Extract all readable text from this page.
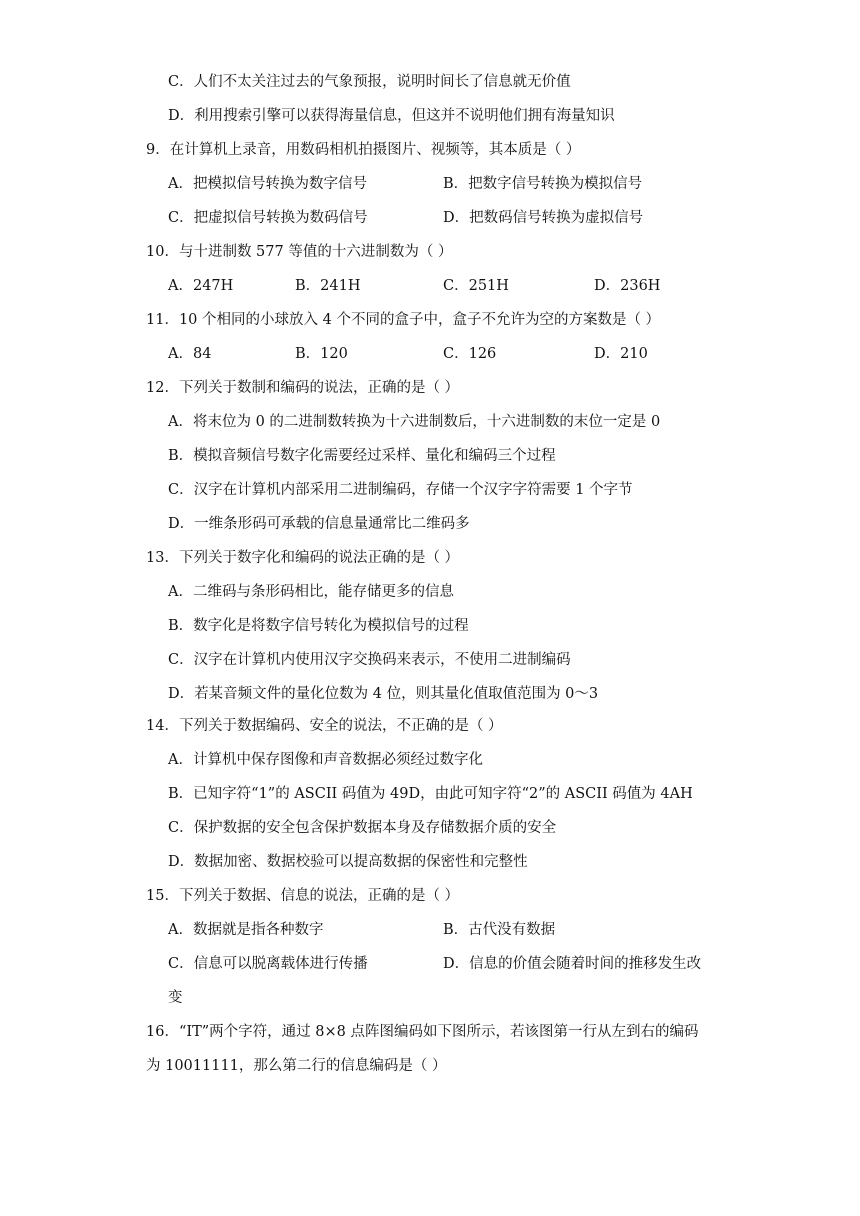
C．人们不太关注过去的气象预报，说明时间长了信息就无价值
D．利用搜索引擎可以获得海量信息，但这并不说明他们拥有海量知识
9．在计算机上录音，用数码相机拍摄图片、视频等，其本质是（ ）
A．把模拟信号转换为数字信号	B．把数字信号转换为模拟信号
C．把虚拟信号转换为数码信号	D．把数码信号转换为虚拟信号
10．与十进制数 577 等值的十六进制数为（ ）
A．247H	B．241H	C．251H	D．236H
11．10 个相同的小球放入 4 个不同的盒子中，盒子不允许为空的方案数是（ ）
A．84	B．120	C．126	D．210
12．下列关于数制和编码的说法，正确的是（ ）
A．将末位为 0 的二进制数转换为十六进制数后，十六进制数的末位一定是 0
B．模拟音频信号数字化需要经过采样、量化和编码三个过程
C．汉字在计算机内部采用二进制编码，存储一个汉字字符需要 1 个字节
D．一维条形码可承载的信息量通常比二维码多
13．下列关于数字化和编码的说法正确的是（ ）
A．二维码与条形码相比，能存储更多的信息
B．数字化是将数字信号转化为模拟信号的过程
C．汉字在计算机内使用汉字交换码来表示，不使用二进制编码
D．若某音频文件的量化位数为 4 位，则其量化值取值范围为 0～3
14．下列关于数据编码、安全的说法，不正确的是（ ）
A．计算机中保存图像和声音数据必须经过数字化
B．已知字符“1”的 ASCII 码值为 49D，由此可知字符“2”的 ASCII 码值为 4AH
C．保护数据的安全包含保护数据本身及存储数据介质的安全
D．数据加密、数据校验可以提高数据的保密性和完整性
15．下列关于数据、信息的说法，正确的是（ ）
A．数据就是指各种数字	B．古代没有数据
C．信息可以脱离载体进行传播	D．信息的价值会随着时间的推移发生改
变
16．“IT”两个字符，通过 8×8 点阵图编码如下图所示，若该图第一行从左到右的编码
为 10011111，那么第二行的信息编码是（ ）
